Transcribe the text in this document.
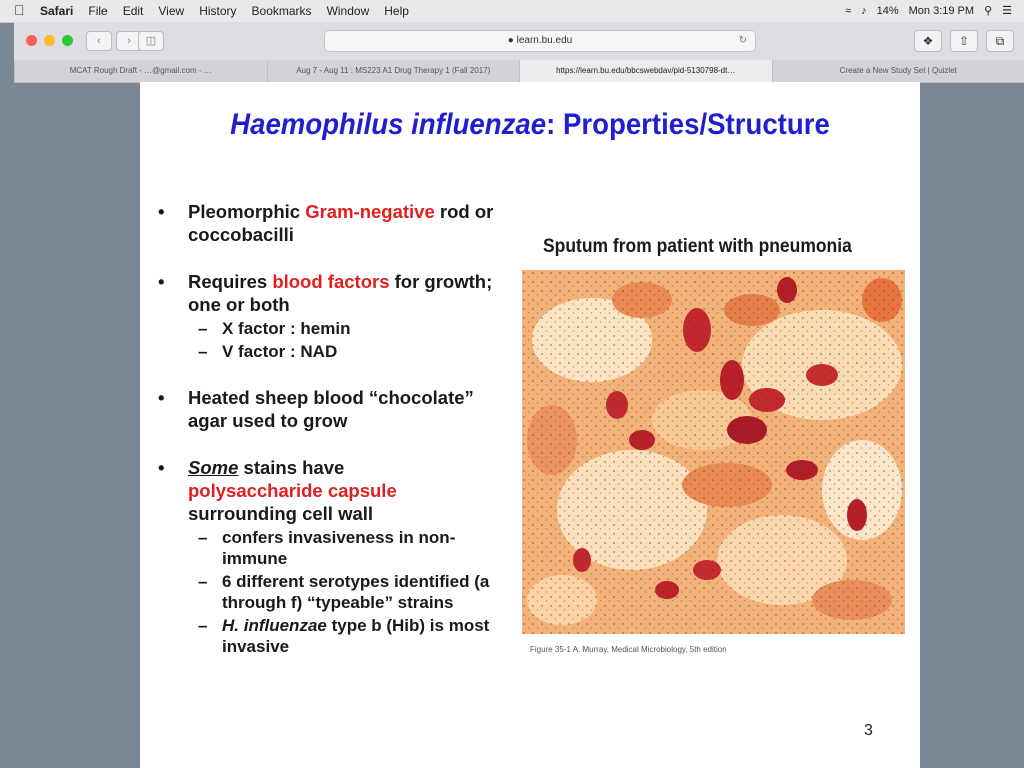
Safari File Edit View History Bookmarks Window Help	≈ ♪ 14% Mon 3:19 PM ⚲ ☰
‹	›	◫	● learn.bu.edu	↻	❖	⇧	⧉
MCAT Rough Draft - …@gmail.com - …	Aug 7 - Aug 11 : MS223 A1 Drug Therapy 1 (Fall 2017)	https://learn.bu.edu/bbcswebdav/pid-5130798-dt…	Create a New Study Set | Quizlet
Haemophilus influenzae: Properties/Structure
• Pleomorphic Gram-negative rod or coccobacilli
• Requires blood factors for growth; one or both
– X factor : hemin
– V factor : NAD
• Heated sheep blood “chocolate” agar used to grow
• Some stains have
polysaccharide capsule
surrounding cell wall
– confers invasiveness in non-immune
– 6 different serotypes identified (a through f) “typeable” strains
– H. influenzae type b (Hib) is most invasive
Sputum from patient with pneumonia
Figure 35-1 A. Murray. Medical Microbiology, 5th edition
3
